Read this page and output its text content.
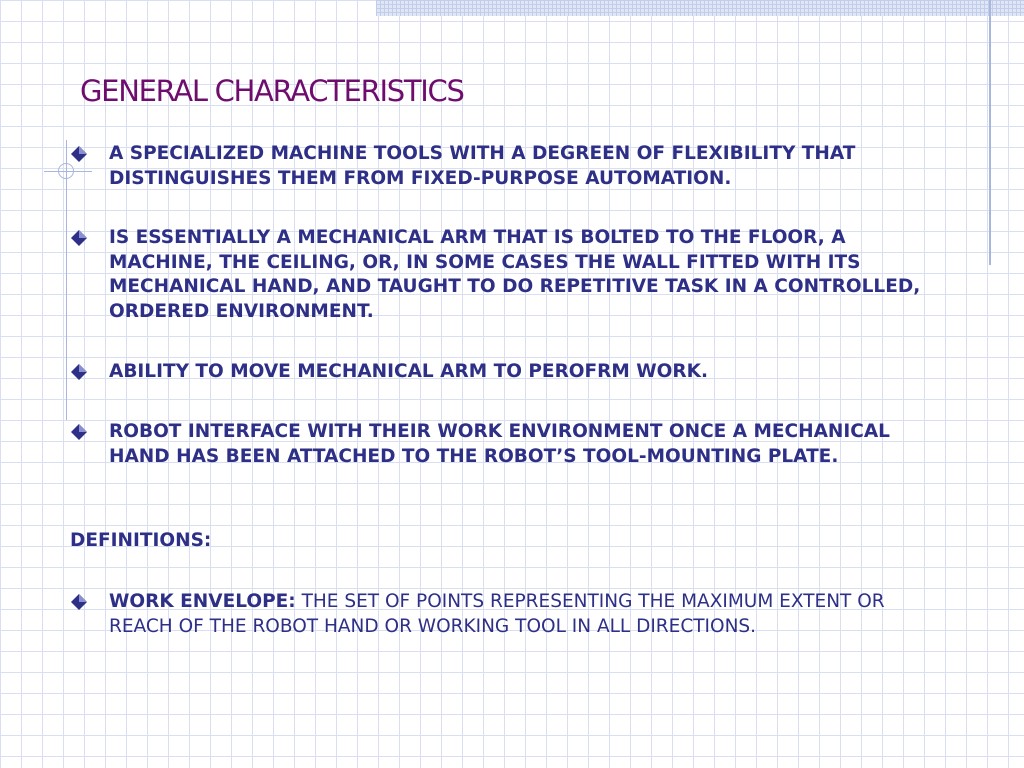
GENERAL CHARACTERISTICS
A SPECIALIZED MACHINE TOOLS WITH A DEGREEN OF FLEXIBILITY THAT DISTINGUISHES THEM FROM FIXED-PURPOSE AUTOMATION.
IS ESSENTIALLY A MECHANICAL ARM THAT IS BOLTED TO THE FLOOR, A MACHINE, THE CEILING, OR, IN SOME CASES THE WALL FITTED WITH ITS MECHANICAL HAND, AND TAUGHT TO DO REPETITIVE TASK IN A CONTROLLED, ORDERED ENVIRONMENT.
ABILITY TO MOVE MECHANICAL ARM TO PEROFRM WORK.
ROBOT INTERFACE WITH THEIR WORK ENVIRONMENT ONCE A MECHANICAL HAND HAS BEEN ATTACHED TO THE ROBOT’S TOOL-MOUNTING PLATE.
DEFINITIONS:
WORK ENVELOPE: THE SET OF POINTS REPRESENTING THE MAXIMUM EXTENT OR REACH OF THE ROBOT HAND OR WORKING TOOL IN ALL DIRECTIONS.
